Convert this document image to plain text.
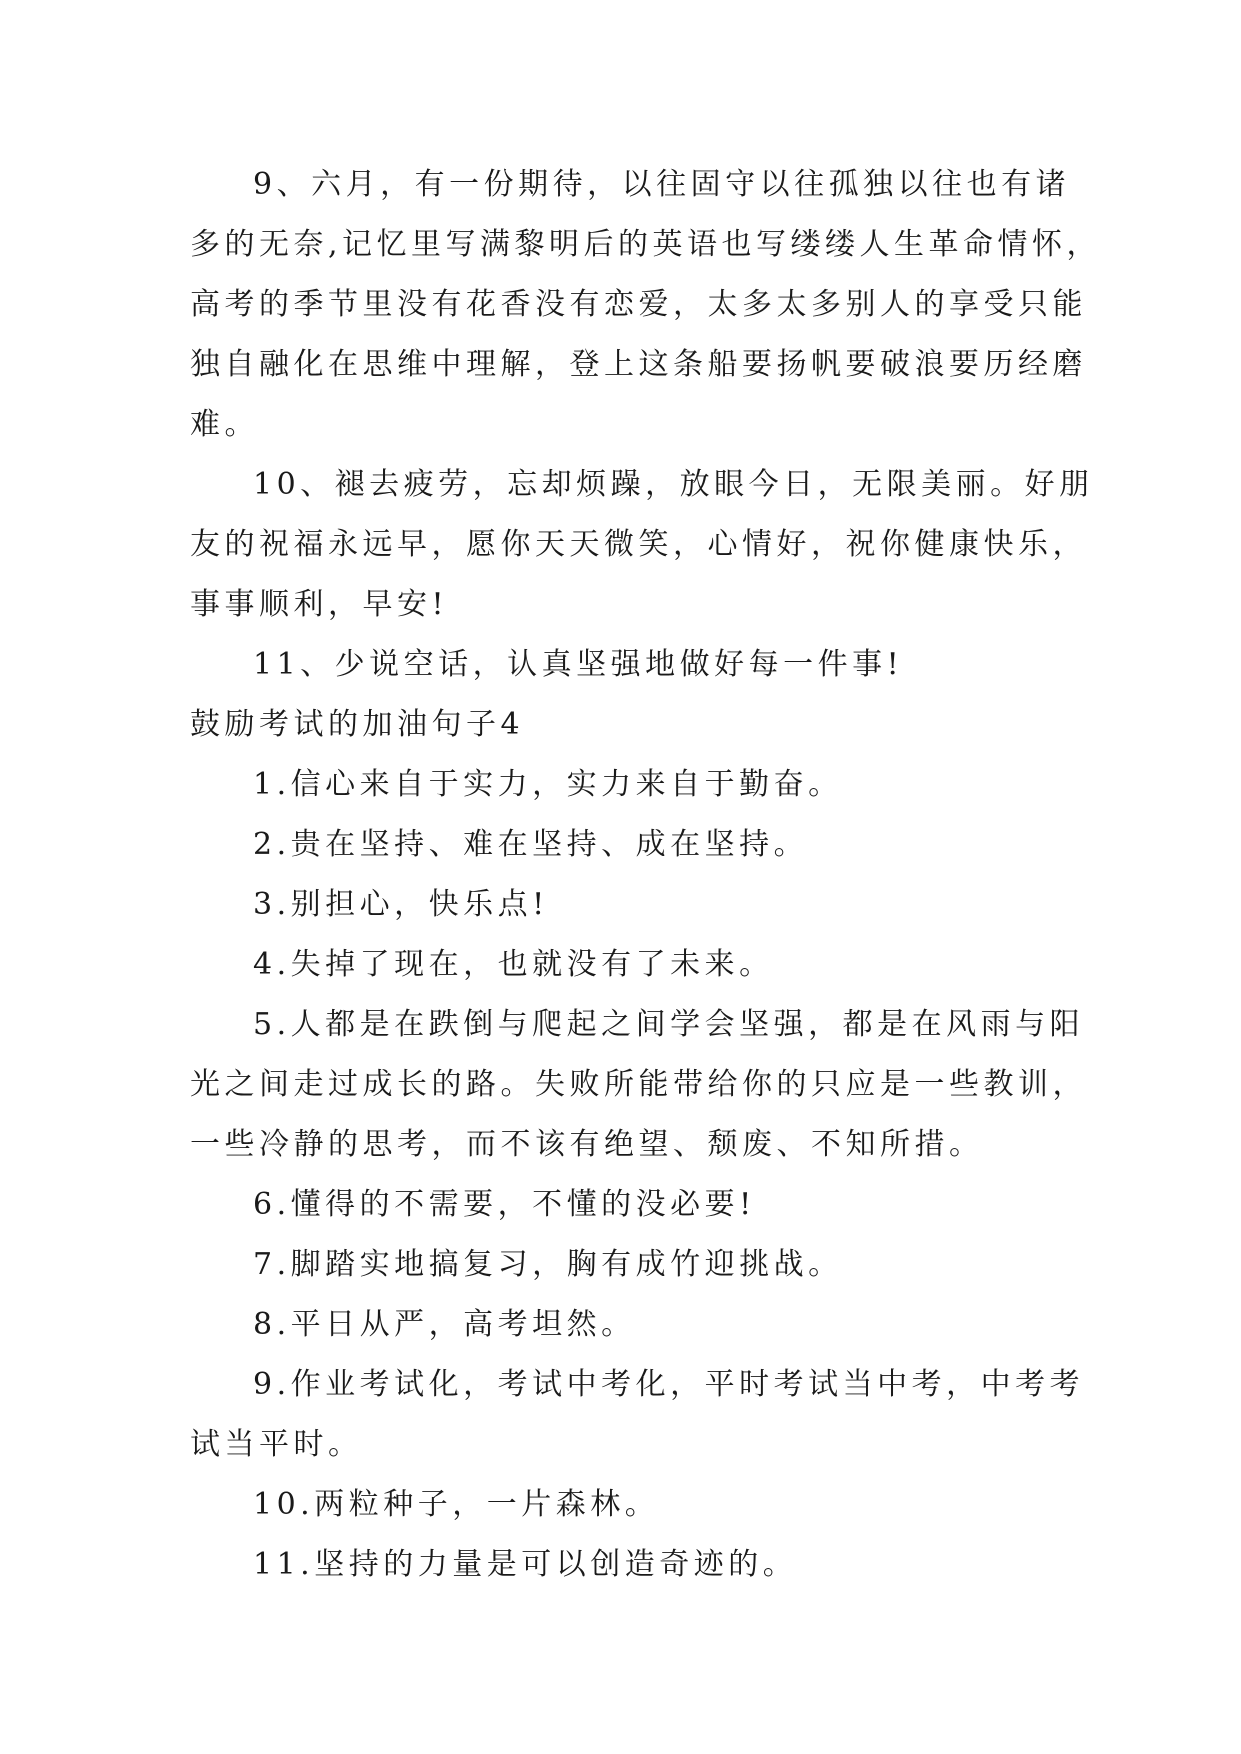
9、六月，有一份期待，以往固守以往孤独以往也有诸
多的无奈,记忆里写满黎明后的英语也写缕缕人生革命情怀，
高考的季节里没有花香没有恋爱，太多太多别人的享受只能
独自融化在思维中理解，登上这条船要扬帆要破浪要历经磨
难。
10、褪去疲劳，忘却烦躁，放眼今日，无限美丽。好朋
友的祝福永远早，愿你天天微笑，心情好，祝你健康快乐，
事事顺利，早安!
11、少说空话，认真坚强地做好每一件事!
鼓励考试的加油句子4
1.信心来自于实力，实力来自于勤奋。
2.贵在坚持、难在坚持、成在坚持。
3.别担心，快乐点!
4.失掉了现在，也就没有了未来。
5.人都是在跌倒与爬起之间学会坚强，都是在风雨与阳
光之间走过成长的路。失败所能带给你的只应是一些教训，
一些冷静的思考，而不该有绝望、颓废、不知所措。
6.懂得的不需要，不懂的没必要!
7.脚踏实地搞复习，胸有成竹迎挑战。
8.平日从严，高考坦然。
9.作业考试化，考试中考化，平时考试当中考，中考考
试当平时。
10.两粒种子，一片森林。
11.坚持的力量是可以创造奇迹的。
